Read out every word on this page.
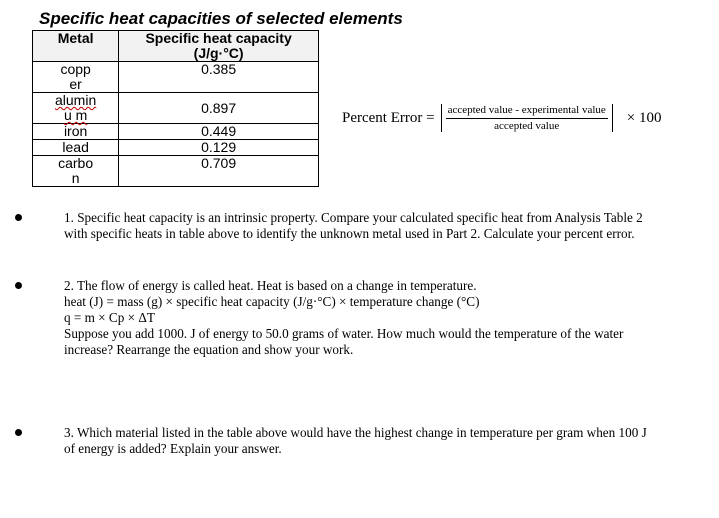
Specific heat capacities of selected elements
Metal	Specific heat capacity
(J/g·°C)

copp
er	0.385

alumin
u m	0.897
iron	0.449
lead	0.129

carbo
n	0.709
Percent Error = $\frac{\text{accepted value - experimental value}}{\text{accepted value}} \times 100$

1. Specific heat capacity is an intrinsic property. Compare your calculated specific heat from Analysis Table 2

with specific heats in table above to identify the unknown metal used in Part 2. Calculate your percent error.

2. The flow of energy is called heat. Heat is based on a change in temperature.

heat (J) = mass (g) × specific heat capacity (J/g·°C) × temperature change (°C)

q = m × Cp × ΔT

Suppose you add 1000. J of energy to 50.0 grams of water. How much would the temperature of the water

increase? Rearrange the equation and show your work.

3. Which material listed in the table above would have the highest change in temperature per gram when 100 J

of energy is added? Explain your answer.
